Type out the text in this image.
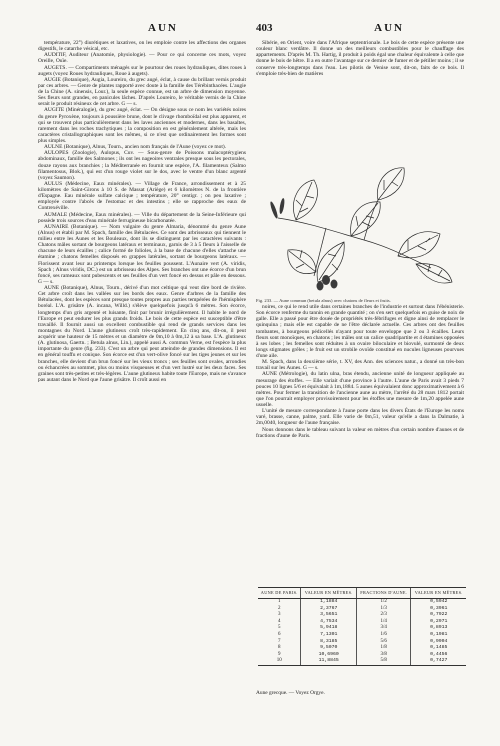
AUN	403	AUN

température, 22°) diurétiques et laxatives, on les emploie contre les affections des organes digestifs, le catarrhe vésical, etc.

AUDITIF, Auditeur (Anatomie, physiologie). — Pour ce qui concerne ces mots, voyez Oreille, Ouïe.

AUGETS. — Compartiments ménagés sur le pourtour des roues hydrauliques, dites roues à augets (voyez Roues hydrauliques, Roue à augets).

AUGIE (Botanique), Augia, Loureiro, du grec augé, éclat, à cause du brillant vernis produit par ces arbres. — Genre de plantes rapporté avec doute à la famille des Térébinthacées. L'augie de la Chine (A. sinensis, Lour.), la seule espèce connue, est un arbre de dimension moyenne. Ses fleurs sont grandes, en panicules lâches. D'après Loureiro, le véritable vernis de la Chine serait le produit résineux de cet arbre. G — s.

AUGITE (Minéralogie), du grec augé, éclat. — On désigne sous ce nom les variétés noires du genre Pyroxène, toujours à poussière brune, dont le clivage rhomboïdal est plus apparent, et qui se trouvent plus particulièrement dans les laves anciennes et modernes, dans les basaltes, rarement dans les roches trachytiques ; la composition en est généralement altérée, mais les caractères cristallographiques sont les mêmes, si ce n'est que ordinairement les formes sont plus simples.

AULNE (Botanique), Alnus, Tourn., ancien nom français de l'Aune (voyez ce mot).

AULOPES (Zoologie), Aulopus, Cuv. — Sous-genre de Poissons malacoptérygiens abdominaux, famille des Salmones ; ils ont les nageoires ventrales presque sous les pectorales, douze rayons aux branchies ; la Méditerranée en fournit une espèce, l'A. filamenteux (Salmo filamentosus, Blok.), qui est d'un rouge violet sur le dos, avec le ventre d'un blanc argenté (voyez Saumon).

AULUS (Médecine, Eaux minérales). — Village de France, arrondissement et à 25 kilomètres de Saint-Girons à 10 S. de Massat (Ariège) et 6 kilomètres N. de la frontière d'Espagne. Eau minérale sulfate calcique ; température, 20° centigr. ; on peu laxative ; employée contre l'abcès de l'estomac et des intestins ; elle se rapproche des eaux de Contrexéville.

AUMALE (Médecine, Eaux minérales). — Ville du département de la Seine-Inférieure qui possède trois sources d'eau minérale ferrugineuse bicarbonatée.

AUNAIRE (Botanique). — Nom vulgaire du genre Almaria, dénommé du genre Aune (Alnus) et établi par M. Spach, famille des Bétulacées. Ce sont des arbrisseaux qui tiennent le milieu entre les Aunes et les Bouleaux, dont ils se distinguent par les caractères suivants : Chatons mâles sortant de bourgeons latéraux et terminaux, garnis de 3 à 5 fleurs à l'aisselle de chacune de leurs écailles ; calice formé de folioles, à la base de chacune d'elles s'attache une étamine ; chatons femelles disposés en grappes latérales, sortant de bourgeons latéraux. — Florissent avant leur au printemps lorsque les feuilles poussent. L'Aunaire vert (A. viridis, Spach ; Alnus viridis, DC.) est un arbrisseau des Alpes. Ses branches ont une écorce d'un brun foncé, ses rameaux sont pubescents et ses feuilles d'un vert foncé en dessus et pâle en dessous. G — s.

AUNE (Botanique), Alnus, Tourn., dérivé d'un mot celtique qui veut dire bord de rivière. Cet arbre croît dans les vallées sur les bords des eaux. Genre d'arbres de la famille des Bétulacées, dont les espèces sont presque toutes propres aux parties tempérées de l'hémisphère boréal. L'A. grisâtre (A. incana, Willd.) s'élève quelquefois jusqu'à 6 mètres. Son écorce, longtemps d'un gris argenté et luisante, finit par brunir irrégulièrement. Il habite le nord de l'Europe et peut endurer les plus grands froids. Le bois de cette espèce est susceptible d'être travaillé. Il fournit aussi un excellent combustible qui rend de grands services dans les montagnes du Nord. L'aune glutineux croît très-rapidement. En cinq ans, dit-on, il peut acquérir une hauteur de 15 mètres et un diamètre de 0m,10 à 0m,12 à sa base. L'A. glutineux (A. glutinosa, Gaertn. ; Betula alnus, Lin.), appelé aussi A. commun Verne, est l'espèce la plus importante du genre (fig. 233). C'est un arbre qui peut atteindre de grandes dimensions. Il est en général touffu et conique. Son écorce est d'un vert-olive foncé sur les tiges jeunes et sur les branches, elle devient d'un brun foncé sur les vieux troncs ; ses feuilles sont ovales, arrondies ou échancrées au sommet, plus ou moins visqueuses et d'un vert lustré sur les deux faces. Ses graines sont très-petites et très-légères. L'aune glutineux habite toute l'Europe, mais ne s'avance pas autant dans le Nord que l'aune grisâtre. Il croît aussi en

Sibérie, en Orient, voire dans l'Afrique septentrionale. Le bois de cette espèce présente une couleur blanc verdâtre. Il donne un des meilleurs combustibles pour le chauffage des appartements. D'après M. Th. Hartig, il produit à poids égal une chaleur équivalente à celle que donne le bois de hêtre. Il a en outre l'avantage sur ce dernier de fumer et de pétiller moins ; il se conserve très-longtemps dans l'eau. Les pilotis de Venise sont, dit-on, faits de ce bois. Il s'emploie très-bien de matières

Fig. 233. — Aune commun (betula alnus) avec chatons de fleurs et fruits.

noires, ce qui le rend utile dans certaines branches de l'industrie et surtout dans l'ébénisterie. Son écorce renferme du tannin en grande quantité ; on s'en sert quelquefois en guise de noix de galle. Elle a passé pour être douée de propriétés très-fébrifuges et digne ainsi de remplacer le quinquina ; mais elle est capable de ne l'être déclarée actuelle. Ces arbres ont des feuilles tombantes, à bourgeons pédicellés n'ayant pour toute enveloppe que 2 ou 3 écailles. Leurs fleurs sont monoïques, en chatons ; les mâles ont un calice quadripartite et 4 étamines opposées à ses lobes ; les femelles sont réduites à un ovaire biloculaire et biovulé, surmonté de deux longs stigmates grêles ; le fruit est un strobile ovoïde constitué en nucules ligneuses pourvues d'une aile.

M. Spach, dans la deuxième série, t. XV, des Ann. des sciences natur., a donné un très-bon travail sur les Aunes. G — s.

AUNE (Métrologie), du latin ulna, bras étendu, ancienne unité de longueur appliquée au mesurage des étoffes. — Elle variait d'une province à l'autre. L'aune de Paris avait 3 pieds 7 pouces 10 lignes 5/6 et équivalait à 1m,1884. 5 aunes équivalaient donc approximativement à 6 mètres. Pour fermer la transition de l'ancienne aune au mètre, l'arrêté du 28 mars 1812 portait que l'on pourrait employer provisoirement pour les étoffes une mesure de 1m,20 appelée aune usuelle.

L'unité de mesure correspondante à l'aune porte dans les divers États de l'Europe les noms varé, brasse, canne, palme, yard. Elle varie de 0m,51, valeur qu'elle a dans la Dalmatie, à 2m,0040, longueur de l'aune française.

Nous donnons dans le tableau suivant la valeur en mètres d'un certain nombre d'aunes et de fractions d'aune de Paris.

AUNE DE PARIS.	VALEUR EN MÈTRES.	FRACTIONS D'AUNE.	VALEUR EN MÈTRES.
1	1,1884	1/2	0,5942
2	2,3767	1/3	0,3961
3	3,5651	2/3	0,7922
4	4,7534	1/4	0,2971
5	5,9418	3/4	0,8913
6	7,1301	1/6	0,1981
7	8,3185	5/6	0,9904
8	9,5070	1/8	0,1485
9	10,6960	3/8	0,4456
10	11,8845	5/8	0,7427
Aune grecque. — Voyez Orgye.
